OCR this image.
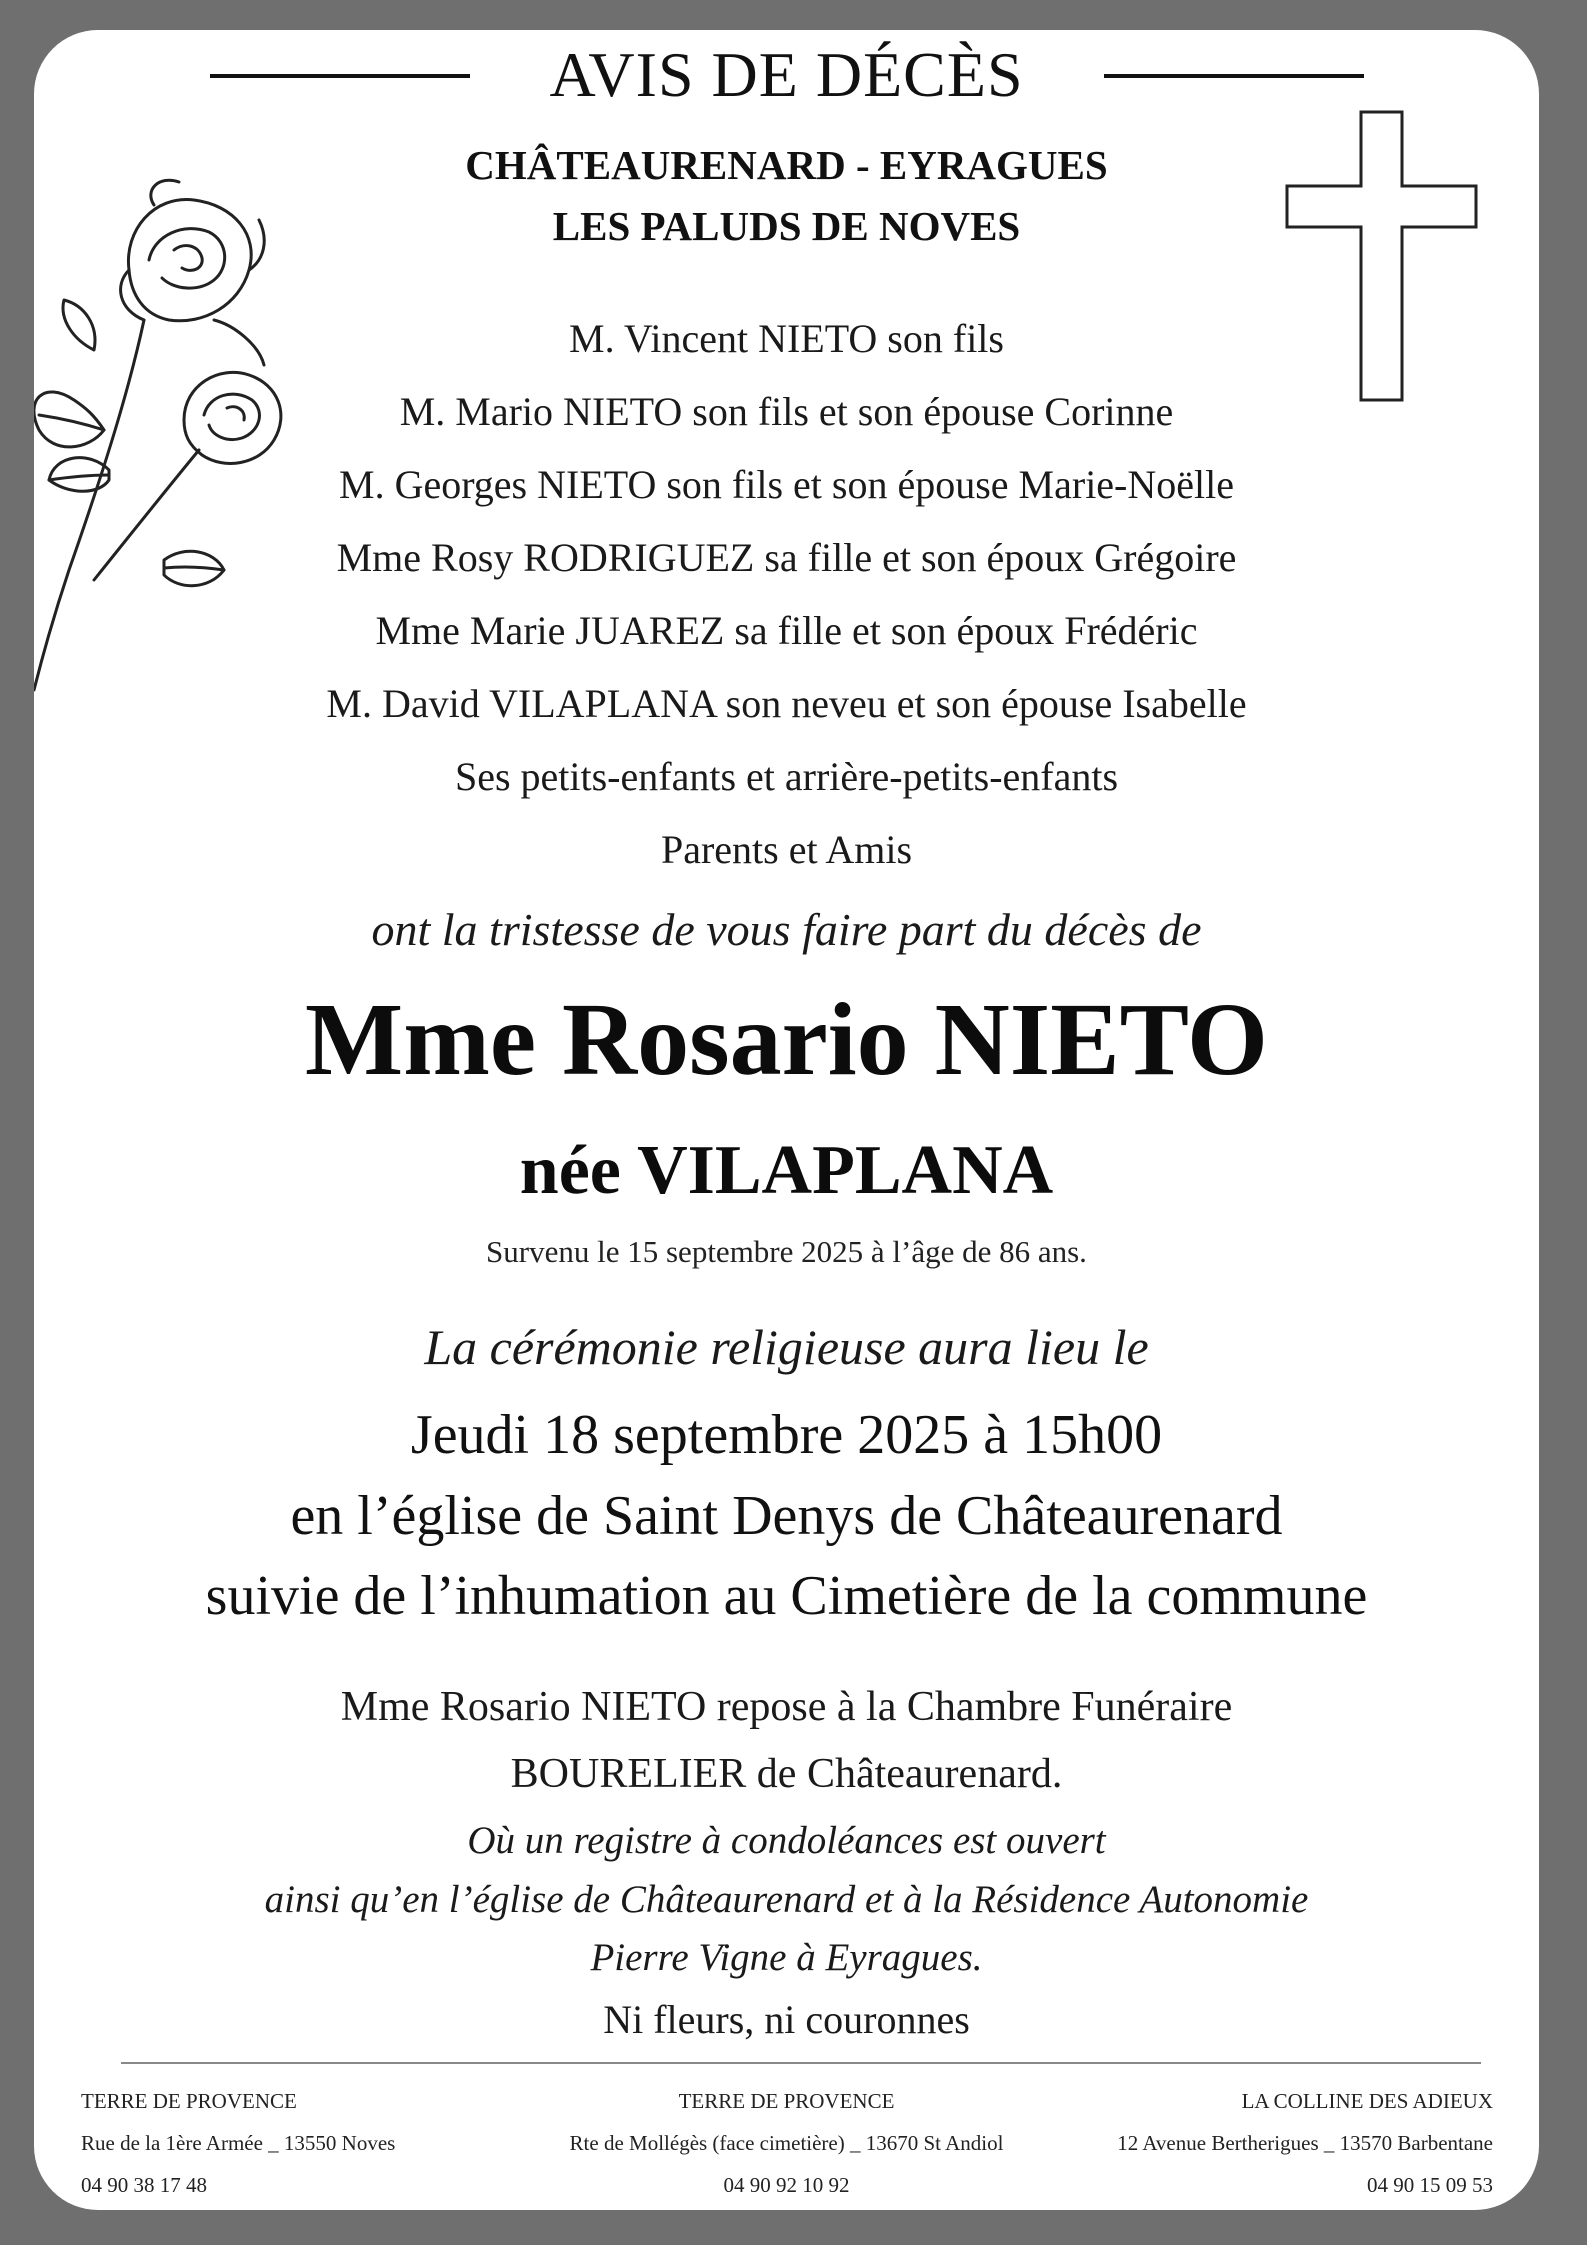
AVIS DE DÉCÈS
CHÂTEAURENARD - EYRAGUES
LES PALUDS DE NOVES
M. Vincent NIETO son fils
M. Mario NIETO son fils et son épouse Corinne
M. Georges NIETO son fils et son épouse Marie-Noëlle
Mme Rosy RODRIGUEZ sa fille et son époux Grégoire
Mme Marie JUAREZ sa fille et son époux Frédéric
M. David VILAPLANA son neveu et son épouse Isabelle
Ses petits-enfants et arrière-petits-enfants
Parents et Amis
ont la tristesse de vous faire part du décès de
Mme Rosario NIETO
née VILAPLANA
Survenu le 15 septembre 2025 à l’âge de 86 ans.
La cérémonie religieuse aura lieu le
Jeudi 18 septembre 2025 à 15h00
en l’église de Saint Denys de Châteaurenard
suivie de l’inhumation au Cimetière de la commune
Mme Rosario NIETO repose à la Chambre Funéraire
BOURELIER de Châteaurenard.
Où un registre à condoléances est ouvert
ainsi qu’en l’église de Châteaurenard et à la Résidence Autonomie
Pierre Vigne à Eyragues.
Ni fleurs, ni couronnes
TERRE DE PROVENCE
Rue de la 1ère Armée _ 13550 Noves
04 90 38 17 48
TERRE DE PROVENCE
Rte de Mollégès (face cimetière) _ 13670 St Andiol
04 90 92 10 92
LA COLLINE DES ADIEUX
12 Avenue Bertherigues _ 13570 Barbentane
04 90 15 09 53
